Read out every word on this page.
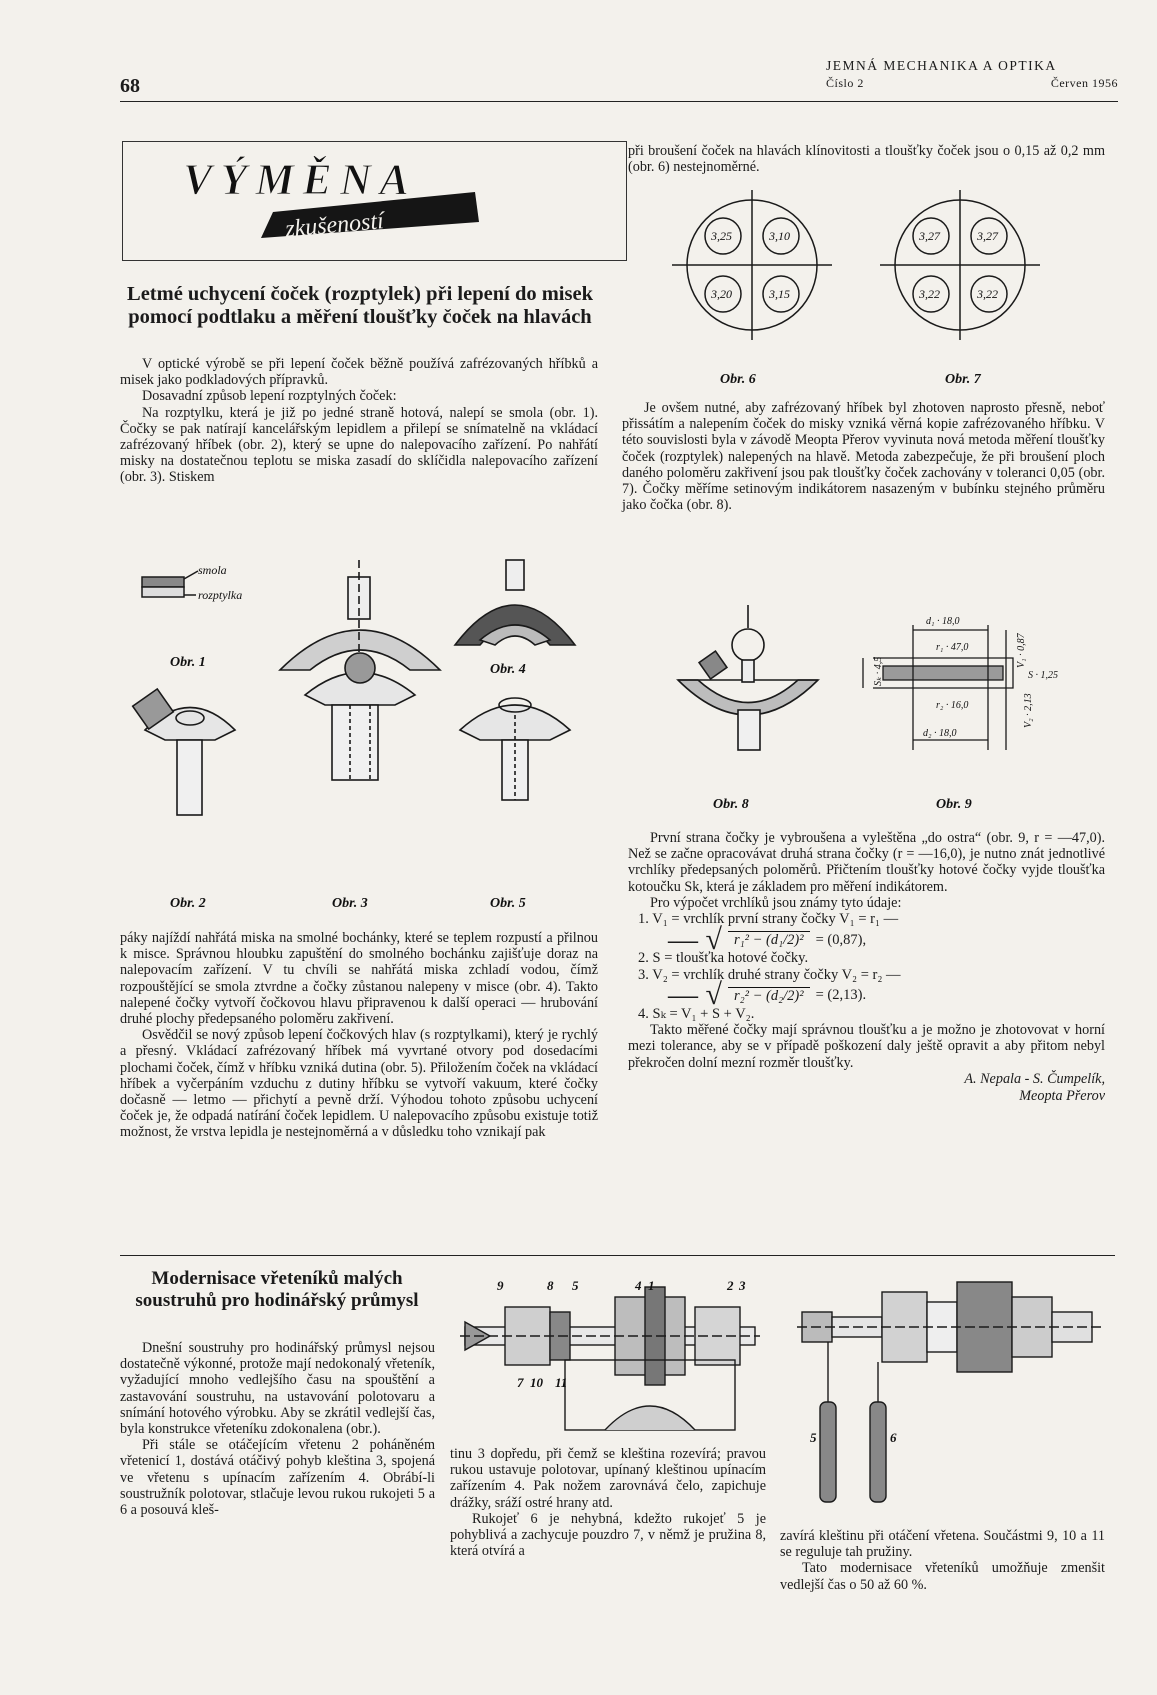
68
JEMNÁ MECHANIKA A OPTIKA
Číslo 2	Červen 1956
VÝMĚNA
zkušeností
Letmé uchycení čoček (rozptylek) při lepení do misek pomocí podtlaku a měření tloušťky čoček na hlavách

V optické výrobě se při lepení čoček běžně používá zafrézovaných hříbků a misek jako podkladových přípravků.

Dosavadní způsob lepení rozptylných čoček:

Na rozptylku, která je již po jedné straně hotová, nalepí se smola (obr. 1). Čočky se pak natírají kancelářským lepidlem a přilepí se snímatelně na vkládací zafrézovaný hříbek (obr. 2), který se upne do nalepovacího zařízení. Po nahřátí misky na dostatečnou teplotu se miska zasadí do sklíčidla nalepovacího zařízení (obr. 3). Stiskem

smola
rozptylka
Obr. 1	Obr. 4
Obr. 2	Obr. 3	Obr. 5

páky najíždí nahřátá miska na smolné bochánky, které se teplem rozpustí a přilnou k misce. Správnou hloubku zapuštění do smolného bochánku zajišťuje doraz na nalepovacím zařízení. V tu chvíli se nahřátá miska zchladí vodou, čímž rozpouštějící se smola ztvrdne a čočky zůstanou nalepeny v misce (obr. 4). Takto nalepené čočky vytvoří čočkovou hlavu připravenou k další operaci — hrubování druhé plochy předepsaného poloměru zakřivení.

Osvědčil se nový způsob lepení čočkových hlav (s rozptylkami), který je rychlý a přesný. Vkládací zafrézovaný hříbek má vyvrtané otvory pod dosedacími plochami čoček, čímž v hříbku vzniká dutina (obr. 5). Přiložením čoček na vkládací hříbek a vyčerpáním vzduchu z dutiny hříbku se vytvoří vakuum, které čočky dočasně — letmo — přichytí a pevně drží. Výhodou tohoto způsobu uchycení čoček je, že odpadá natírání čoček lepidlem. U nalepovacího způsobu existuje totiž možnost, že vrstva lepidla je nestejnoměrná a v důsledku toho vznikají pak

při broušení čoček na hlavách klínovitosti a tloušťky čoček jsou o 0,15 až 0,2 mm (obr. 6) nestejnoměrné.

3,25	3,10
3,20	3,15
3,27	3,27
3,22	3,22
Obr. 6	Obr. 7

Je ovšem nutné, aby zafrézovaný hříbek byl zhotoven naprosto přesně, neboť přissátím a nalepením čoček do misky vzniká věrná kopie zafrézovaného hříbku. V této souvislosti byla v závodě Meopta Přerov vyvinuta nová metoda měření tloušťky čoček (rozptylek) nalepených na hlavě. Metoda zabezpečuje, že při broušení ploch daného poloměru zakřivení jsou pak tloušťky čoček zachovány v toleranci 0,05 (obr. 7). Čočky měříme setinovým indikátorem nasazeným v bubínku stejného průměru jako čočka (obr. 8).

Obr. 8
d₁ · 18,0
d₂ · 18,0
Sₖ · 4,5
V₁ · 0,87
V₂ · 2,13
r₁ · 47,0
r₂ · 16,0
S · 1,25
Obr. 9

První strana čočky je vybroušena a vyleštěna „do ostra“ (obr. 9, r = —47,0). Než se začne opracovávat druhá strana čočky (r = —16,0), je nutno znát jednotlivé vrchlíky předepsaných poloměrů. Přičtením tloušťky hotové čočky vyjde tloušťka kotoučku Sk, která je základem pro měření indikátorem.

Pro výpočet vrchlíků jsou známy tyto údaje:

1. V₁ = vrchlík první strany čočky V₁ = r₁ —

— √ r₁² − (d₁/2)² = (0,87),

2. S = tloušťka hotové čočky.

3. V₂ = vrchlík druhé strany čočky V₂ = r₂ —

— √ r₂² − (d₂/2)² = (2,13).

4. Sₖ = V₁ + S + V₂.

Takto měřené čočky mají správnou tloušťku a je možno je zhotovovat v horní mezi tolerance, aby se v případě poškození daly ještě opravit a aby přitom nebyl překročen dolní mezní rozměr tloušťky.

A. Nepala - S. Čumpelík,
Meopta Přerov
Modernisace vřeteníků malých soustruhů pro hodinářský průmysl

Dnešní soustruhy pro hodinářský průmysl nejsou dostatečně výkonné, protože mají nedokonalý vřeteník, vyžadující mnoho vedlejšího času na spouštění a zastavování soustruhu, na ustavování polotovaru a snímání hotového výrobku. Aby se zkrátil vedlejší čas, byla konstrukce vřeteníku zdokonalena (obr.).

Při stále se otáčejícím vřetenu 2 poháněném vřetenicí 1, dostává otáčivý pohyb kleština 3, spojená ve vřetenu s upínacím zařízením 4. Obrábí-li soustružník polotovar, stlačuje levou rukou rukojeti 5 a 6 a posouvá kleš-

9	8 5	4 1	2 3
7 10 11
5	6

tinu 3 dopředu, při čemž se kleština rozevírá; pravou rukou ustavuje polotovar, upínaný kleštinou upínacím zařízením 4. Pak nožem zarovnává čelo, zapichuje drážky, sráží ostré hrany atd.

Rukojeť 6 je nehybná, kdežto rukojeť 5 je pohyblivá a zachycuje pouzdro 7, v němž je pružina 8, která otvírá a

zavírá kleštinu při otáčení vřetena. Součástmi 9, 10 a 11 se reguluje tah pružiny.

Tato modernisace vřeteníků umožňuje zmenšit vedlejší čas o 50 až 60 %.
